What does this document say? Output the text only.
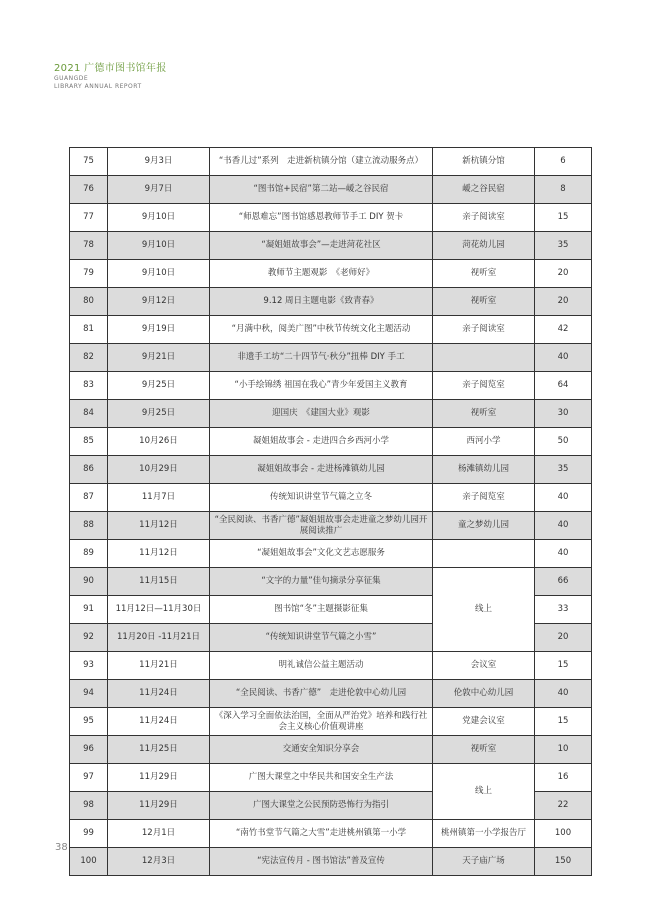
2021 广德市图书馆年报
GUANGDE
LIBRARY ANNUAL REPORT
75	9月3日	“书香儿过”系列　走进新杭镇分馆（建立流动服务点）	新杭镇分馆	6
76	9月7日	“图书馆+民宿”第二站—嵈之谷民宿	嵈之谷民宿	8
77	9月10日	“师恩难忘”图书馆感恩教师节手工 DIY 贺卡	亲子阅读室	15
78	9月10日	“凝姐姐故事会”—走进菏花社区	菏花幼儿园	35
79	9月10日	教师节主题观影　《老师好》	视听室	20
80	9月12日	9.12 周日主题电影《致青春》	视听室	20
81	9月19日	“月满中秋，阅美广图”中秋节传统文化主题活动	亲子阅读室	42
82	9月21日	非遗手工坊“二十四节气·秋分”扭棒 DIY 手工		40
83	9月25日	“小手绘锦绣 祖国在我心”青少年爱国主义教育	亲子阅览室	64
84	9月25日	迎国庆　《建国大业》观影	视听室	30
85	10月26日	凝姐姐故事会 - 走进四合乡西河小学	西河小学	50
86	10月29日	凝姐姐故事会 - 走进杨滩镇幼儿园	杨滩镇幼儿园	35
87	11月7日	传统知识讲堂节气篇之立冬	亲子阅览室	40
88	11月12日	“全民阅读、书香广德”凝姐姐故事会走进童之梦幼儿园开展阅读推广	童之梦幼儿园	40
89	11月12日	“凝姐姐故事会”文化文艺志愿服务		40
90	11月15日	“文字的力量”佳句摘录分享征集	线上	66
91	11月12日—11月30日	图书馆“冬”主题摄影征集		33
92	11月20日 -11月21日	“传统知识讲堂节气篇之小雪”		20
93	11月21日	明礼诚信公益主题活动	会议室	15
94	11月24日	“全民阅读、书香广德”　走进伦敦中心幼儿园	伦敦中心幼儿园	40
95	11月24日	《深入学习全面依法治国，全面从严治党》培养和践行社会主义核心价值观讲座	党建会议室	15
96	11月25日	交通安全知识分享会	视听室	10
97	11月29日	广图大课堂之中华民共和国安全生产法	线上	16
98	11月29日	广图大课堂之公民预防恐怖行为指引		22
99	12月1日	“南竹书堂节气篇之大雪”走进桃州镇第一小学	桃州镇第一小学报告厅	100
100	12月3日	“宪法宣传月 - 图书馆法”普及宣传	天子庙广场	150
38
